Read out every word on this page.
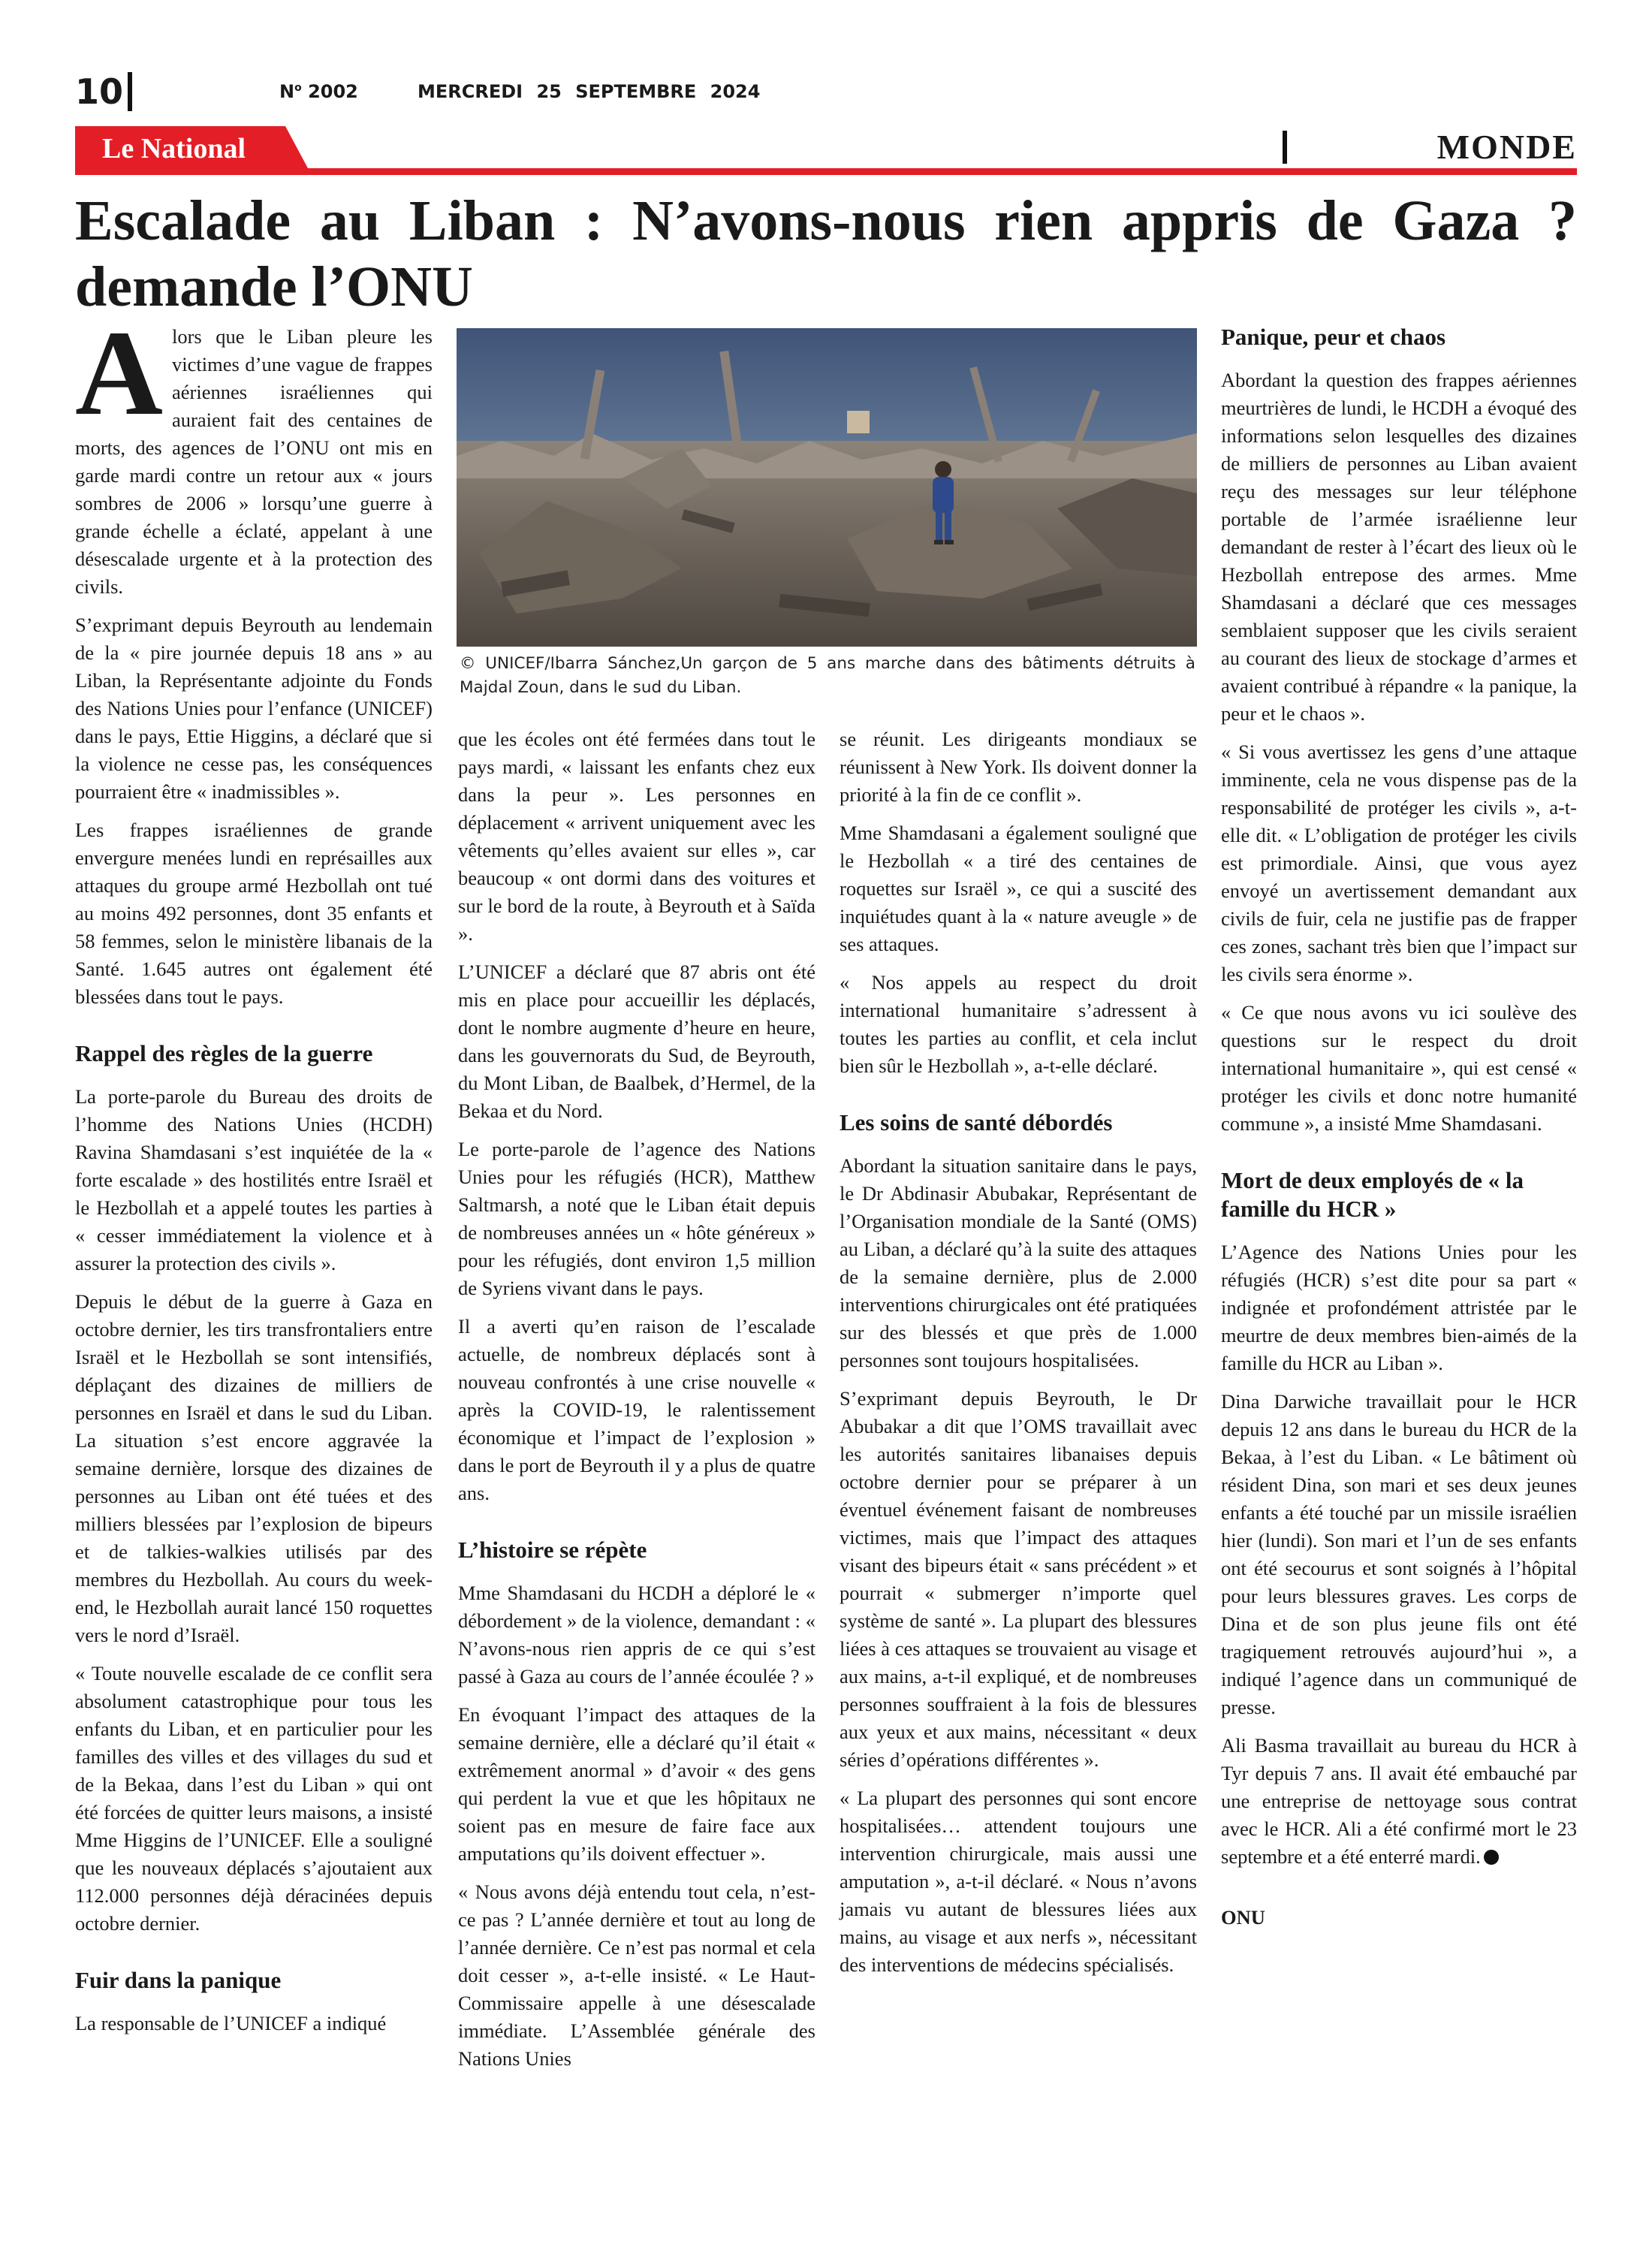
10	$N^o$ 2002	MERCREDI 25 SEPTEMBRE 2024
Le National	MONDE
Escalade au Liban : N’avons-nous rien appris de Gaza ? demande l’ONU

Alors que le Liban pleure les victimes d’une vague de frappes aériennes israéliennes qui auraient fait des centaines de morts, des agences de l’ONU ont mis en garde mardi contre un retour aux « jours sombres de 2006 » lorsqu’une guerre à grande échelle a éclaté, appelant à une désescalade urgente et à la protection des civils.

S’exprimant depuis Beyrouth au lendemain de la « pire journée depuis 18 ans » au Liban, la Représentante adjointe du Fonds des Nations Unies pour l’enfance (UNICEF) dans le pays, Ettie Higgins, a déclaré que si la violence ne cesse pas, les conséquences pourraient être « inadmissibles ».

Les frappes israéliennes de grande envergure menées lundi en représailles aux attaques du groupe armé Hezbollah ont tué au moins 492 personnes, dont 35 enfants et 58 femmes, selon le ministère libanais de la Santé. 1.645 autres ont également été blessées dans tout le pays.

Rappel des règles de la guerre

La porte-parole du Bureau des droits de l’homme des Nations Unies (HCDH) Ravina Shamdasani s’est inquiétée de la « forte escalade » des hostilités entre Israël et le Hezbollah et a appelé toutes les parties à « cesser immédiatement la violence et à assurer la protection des civils ».

Depuis le début de la guerre à Gaza en octobre dernier, les tirs transfrontaliers entre Israël et le Hezbollah se sont intensifiés, déplaçant des dizaines de milliers de personnes en Israël et dans le sud du Liban. La situation s’est encore aggravée la semaine dernière, lorsque des dizaines de personnes au Liban ont été tuées et des milliers blessées par l’explosion de bipeurs et de talkies-walkies utilisés par des membres du Hezbollah. Au cours du week-end, le Hezbollah aurait lancé 150 roquettes vers le nord d’Israël.

« Toute nouvelle escalade de ce conflit sera absolument catastrophique pour tous les enfants du Liban, et en particulier pour les familles des villes et des villages du sud et de la Bekaa, dans l’est du Liban » qui ont été forcées de quitter leurs maisons, a insisté Mme Higgins de l’UNICEF. Elle a souligné que les nouveaux déplacés s’ajoutaient aux 112.000 personnes déjà déracinées depuis octobre dernier.

Fuir dans la panique

La responsable de l’UNICEF a indiqué

© UNICEF/Ibarra Sánchez,Un garçon de 5 ans marche dans des bâtiments détruits à Majdal Zoun, dans le sud du Liban.

que les écoles ont été fermées dans tout le pays mardi, « laissant les enfants chez eux dans la peur ». Les personnes en déplacement « arrivent uniquement avec les vêtements qu’elles avaient sur elles », car beaucoup « ont dormi dans des voitures et sur le bord de la route, à Beyrouth et à Saïda ».

L’UNICEF a déclaré que 87 abris ont été mis en place pour accueillir les déplacés, dont le nombre augmente d’heure en heure, dans les gouvernorats du Sud, de Beyrouth, du Mont Liban, de Baalbek, d’Hermel, de la Bekaa et du Nord.

Le porte-parole de l’agence des Nations Unies pour les réfugiés (HCR), Matthew Saltmarsh, a noté que le Liban était depuis de nombreuses années un « hôte généreux » pour les réfugiés, dont environ 1,5 million de Syriens vivant dans le pays.

Il a averti qu’en raison de l’escalade actuelle, de nombreux déplacés sont à nouveau confrontés à une crise nouvelle « après la COVID-19, le ralentissement économique et l’impact de l’explosion » dans le port de Beyrouth il y a plus de quatre ans.

L’histoire se répète

Mme Shamdasani du HCDH a déploré le « débordement » de la violence, demandant : « N’avons-nous rien appris de ce qui s’est passé à Gaza au cours de l’année écoulée ? »

En évoquant l’impact des attaques de la semaine dernière, elle a déclaré qu’il était « extrêmement anormal » d’avoir « des gens qui perdent la vue et que les hôpitaux ne soient pas en mesure de faire face aux amputations qu’ils doivent effectuer ».

« Nous avons déjà entendu tout cela, n’est-ce pas ? L’année dernière et tout au long de l’année dernière. Ce n’est pas normal et cela doit cesser », a-t-elle insisté. « Le Haut-Commissaire appelle à une désescalade immédiate. L’Assemblée générale des Nations Unies

se réunit. Les dirigeants mondiaux se réunissent à New York. Ils doivent donner la priorité à la fin de ce conflit ».

Mme Shamdasani a également souligné que le Hezbollah « a tiré des centaines de roquettes sur Israël », ce qui a suscité des inquiétudes quant à la « nature aveugle » de ses attaques.

« Nos appels au respect du droit international humanitaire s’adressent à toutes les parties au conflit, et cela inclut bien sûr le Hezbollah », a-t-elle déclaré.

Les soins de santé débordés

Abordant la situation sanitaire dans le pays, le Dr Abdinasir Abubakar, Représentant de l’Organisation mondiale de la Santé (OMS) au Liban, a déclaré qu’à la suite des attaques de la semaine dernière, plus de 2.000 interventions chirurgicales ont été pratiquées sur des blessés et que près de 1.000 personnes sont toujours hospitalisées.

S’exprimant depuis Beyrouth, le Dr Abubakar a dit que l’OMS travaillait avec les autorités sanitaires libanaises depuis octobre dernier pour se préparer à un éventuel événement faisant de nombreuses victimes, mais que l’impact des attaques visant des bipeurs était « sans précédent » et pourrait « submerger n’importe quel système de santé ». La plupart des blessures liées à ces attaques se trouvaient au visage et aux mains, a-t-il expliqué, et de nombreuses personnes souffraient à la fois de blessures aux yeux et aux mains, nécessitant « deux séries d’opérations différentes ».

« La plupart des personnes qui sont encore hospitalisées… attendent toujours une intervention chirurgicale, mais aussi une amputation », a-t-il déclaré. « Nous n’avons jamais vu autant de blessures liées aux mains, au visage et aux nerfs », nécessitant des interventions de médecins spécialisés.

Panique, peur et chaos

Abordant la question des frappes aériennes meurtrières de lundi, le HCDH a évoqué des informations selon lesquelles des dizaines de milliers de personnes au Liban avaient reçu des messages sur leur téléphone portable de l’armée israélienne leur demandant de rester à l’écart des lieux où le Hezbollah entrepose des armes. Mme Shamdasani a déclaré que ces messages semblaient supposer que les civils seraient au courant des lieux de stockage d’armes et avaient contribué à répandre « la panique, la peur et le chaos ».

« Si vous avertissez les gens d’une attaque imminente, cela ne vous dispense pas de la responsabilité de protéger les civils », a-t-elle dit. « L’obligation de protéger les civils est primordiale. Ainsi, que vous ayez envoyé un avertissement demandant aux civils de fuir, cela ne justifie pas de frapper ces zones, sachant très bien que l’impact sur les civils sera énorme ».

« Ce que nous avons vu ici soulève des questions sur le respect du droit international humanitaire », qui est censé « protéger les civils et donc notre humanité commune », a insisté Mme Shamdasani.

Mort de deux employés de « la famille du HCR »

L’Agence des Nations Unies pour les réfugiés (HCR) s’est dite pour sa part « indignée et profondément attristée par le meurtre de deux membres bien-aimés de la famille du HCR au Liban ».

Dina Darwiche travaillait pour le HCR depuis 12 ans dans le bureau du HCR de la Bekaa, à l’est du Liban. « Le bâtiment où résident Dina, son mari et ses deux jeunes enfants a été touché par un missile israélien hier (lundi). Son mari et l’un de ses enfants ont été secourus et sont soignés à l’hôpital pour leurs blessures graves. Les corps de Dina et de son plus jeune fils ont été tragiquement retrouvés aujourd’hui », a indiqué l’agence dans un communiqué de presse.

Ali Basma travaillait au bureau du HCR à Tyr depuis 7 ans. Il avait été embauché par une entreprise de nettoyage sous contrat avec le HCR. Ali a été confirmé mort le 23 septembre et a été enterré mardi.

ONU
